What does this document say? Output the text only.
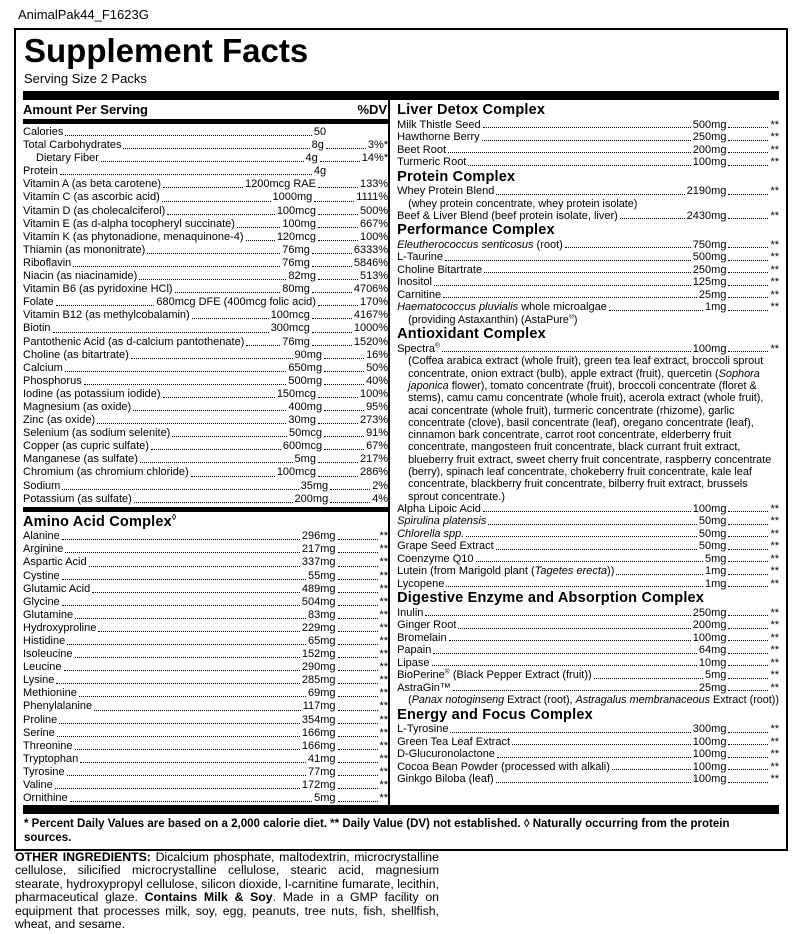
AnimalPak44_F1623G
Supplement Facts
Serving Size 2 Packs
Amount Per Serving	%DV
Calories	50
Total Carbohydrates	8g	3%*
Dietary Fiber	4g	14%*
Protein	4g
Vitamin A (as beta carotene)	1200mcg RAE	133%
Vitamin C (as ascorbic acid)	1000mg	1111%
Vitamin D (as cholecalciferol)	100mcg	500%
Vitamin E (as d-alpha tocopheryl succinate)	100mg	667%
Vitamin K (as phytonadione, menaquinone-4)	120mcg	100%
Thiamin (as mononitrate)	76mg	6333%
Riboflavin	76mg	5846%
Niacin (as niacinamide)	82mg	513%
Vitamin B6 (as pyridoxine HCl)	80mg	4706%
Folate	680mcg DFE (400mcg folic acid)	170%
Vitamin B12 (as methylcobalamin)	100mcg	4167%
Biotin	300mcg	1000%
Pantothenic Acid (as d-calcium pantothenate)	76mg	1520%
Choline (as bitartrate)	90mg	16%
Calcium	650mg	50%
Phosphorus	500mg	40%
Iodine (as potassium iodide)	150mcg	100%
Magnesium (as oxide)	400mg	95%
Zinc (as oxide)	30mg	273%
Selenium (as sodium selenite)	50mcg	91%
Copper (as cupric sulfate)	600mcg	67%
Manganese (as sulfate)	5mg	217%
Chromium (as chromium chloride)	100mcg	286%
Sodium	35mg	2%
Potassium (as sulfate)	200mg	4%
Amino Acid Complex◊
Alanine	296mg	**
Arginine	217mg	**
Aspartic Acid	337mg	**
Cystine	55mg	**
Glutamic Acid	489mg	**
Glycine	504mg	**
Glutamine	83mg	**
Hydroxyproline	229mg	**
Histidine	65mg	**
Isoleucine	152mg	**
Leucine	290mg	**
Lysine	285mg	**
Methionine	69mg	**
Phenylalanine	117mg	**
Proline	354mg	**
Serine	166mg	**
Threonine	166mg	**
Tryptophan	41mg	**
Tyrosine	77mg	**
Valine	172mg	**
Ornithine	5mg	**
Liver Detox Complex
Milk Thistle Seed	500mg	**
Hawthorne Berry	250mg	**
Beet Root	200mg	**
Turmeric Root	100mg	**
Protein Complex
Whey Protein Blend	2190mg	**
(whey protein concentrate, whey protein isolate)
Beef & Liver Blend (beef protein isolate, liver)	2430mg	**
Performance Complex
Eleutherococcus senticosus (root)	750mg	**
L-Taurine	500mg	**
Choline Bitartrate	250mg	**
Inositol	125mg	**
Carnitine	25mg	**
Haematococcus pluvialis whole microalgae	1mg	**
(providing Astaxanthin) (AstaPure®)
Antioxidant Complex
Spectra®	100mg	**
(Coffea arabica extract (whole fruit), green tea leaf extract, broccoli sprout concentrate, onion extract (bulb), apple extract (fruit), quercetin (Sophora japonica flower), tomato concentrate (fruit), broccoli concentrate (floret & stems), camu camu concentrate (whole fruit), acerola extract (whole fruit), acai concentrate (whole fruit), turmeric concentrate (rhizome), garlic concentrate (clove), basil concentrate (leaf), oregano concentrate (leaf), cinnamon bark concentrate, carrot root concentrate, elderberry fruit concentrate, mangosteen fruit concentrate, black currant fruit extract, blueberry fruit extract, sweet cherry fruit concentrate, raspberry concentrate (berry), spinach leaf concentrate, chokeberry fruit concentrate, kale leaf concentrate, blackberry fruit concentrate, bilberry fruit extract, brussels sprout concentrate.)
Alpha Lipoic Acid	100mg	**
Spirulina platensis	50mg	**
Chlorella spp.	50mg	**
Grape Seed Extract	50mg	**
Coenzyme Q10	5mg	**
Lutein (from Marigold plant (Tagetes erecta))	1mg	**
Lycopene	1mg	**
Digestive Enzyme and Absorption Complex
Inulin	250mg	**
Ginger Root	200mg	**
Bromelain	100mg	**
Papain	64mg	**
Lipase	10mg	**
BioPerine® (Black Pepper Extract (fruit))	5mg	**
AstraGin™	25mg	**
(Panax notoginseng Extract (root), Astragalus membranaceous Extract (root))
Energy and Focus Complex
L-Tyrosine	300mg	**
Green Tea Leaf Extract	100mg	**
D-Glucuronolactone	100mg	**
Cocoa Bean Powder (processed with alkali)	100mg	**
Ginkgo Biloba (leaf)	100mg	**
* Percent Daily Values are based on a 2,000 calorie diet. ** Daily Value (DV) not established. ◊ Naturally occurring from the protein sources.
OTHER INGREDIENTS: Dicalcium phosphate, maltodextrin, microcrystalline cellulose, silicified microcrystalline cellulose, stearic acid, magnesium stearate, hydroxypropyl cellulose, silicon dioxide, l-carnitine fumarate, lecithin, pharmaceutical glaze. Contains Milk & Soy. Made in a GMP facility on equipment that processes milk, soy, egg, peanuts, tree nuts, fish, shellfish, wheat, and sesame.
